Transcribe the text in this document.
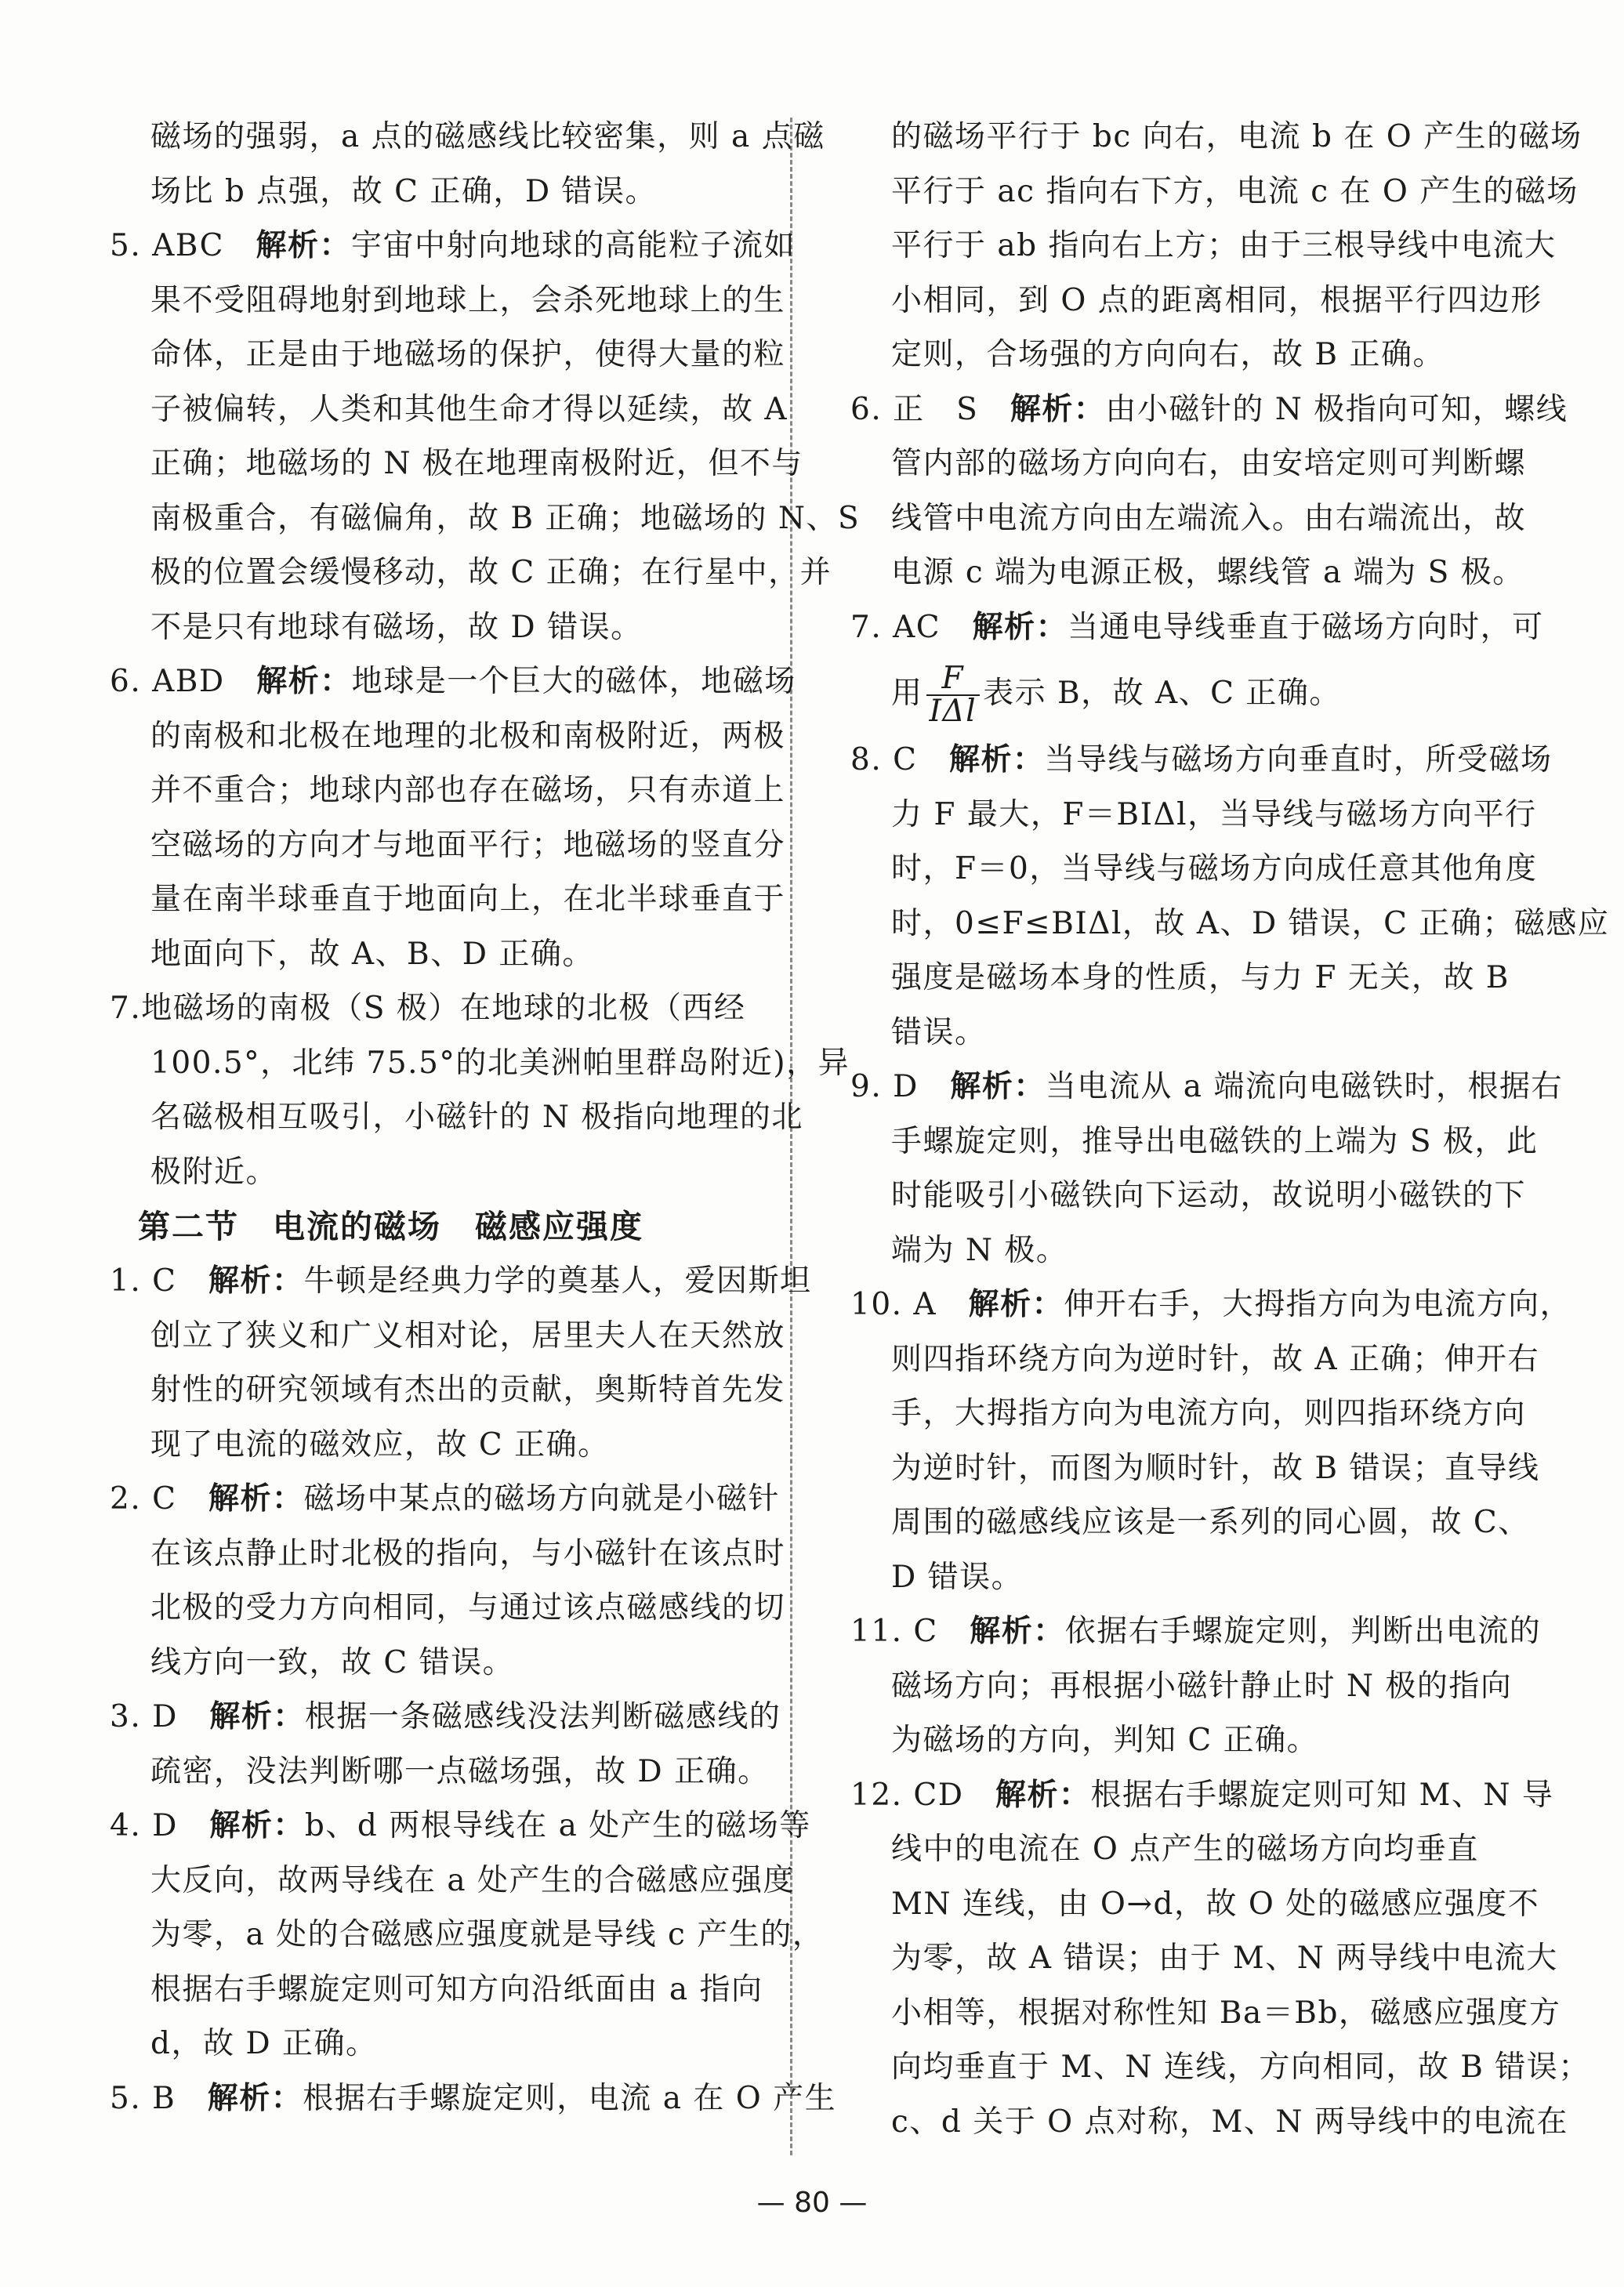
磁场的强弱，a 点的磁感线比较密集，则 a 点磁
场比 b 点强，故 C 正确，D 错误。
5. ABC　解析：宇宙中射向地球的高能粒子流如
果不受阻碍地射到地球上，会杀死地球上的生
命体，正是由于地磁场的保护，使得大量的粒
子被偏转，人类和其他生命才得以延续，故 A
正确；地磁场的 N 极在地理南极附近，但不与
南极重合，有磁偏角，故 B 正确；地磁场的 N、S
极的位置会缓慢移动，故 C 正确；在行星中，并
不是只有地球有磁场，故 D 错误。
6. ABD　解析：地球是一个巨大的磁体，地磁场
的南极和北极在地理的北极和南极附近，两极
并不重合；地球内部也存在磁场，只有赤道上
空磁场的方向才与地面平行；地磁场的竖直分
量在南半球垂直于地面向上，在北半球垂直于
地面向下，故 A、B、D 正确。
7.地磁场的南极（S 极）在地球的北极（西经
100.5°，北纬 75.5°的北美洲帕里群岛附近)，异
名磁极相互吸引，小磁针的 N 极指向地理的北
极附近。
第二节　电流的磁场　磁感应强度
1. C　解析：牛顿是经典力学的奠基人，爱因斯坦
创立了狭义和广义相对论，居里夫人在天然放
射性的研究领域有杰出的贡献，奥斯特首先发
现了电流的磁效应，故 C 正确。
2. C　解析：磁场中某点的磁场方向就是小磁针
在该点静止时北极的指向，与小磁针在该点时
北极的受力方向相同，与通过该点磁感线的切
线方向一致，故 C 错误。
3. D　解析：根据一条磁感线没法判断磁感线的
疏密，没法判断哪一点磁场强，故 D 正确。
4. D　解析：b、d 两根导线在 a 处产生的磁场等
大反向，故两导线在 a 处产生的合磁感应强度
为零，a 处的合磁感应强度就是导线 c 产生的，
根据右手螺旋定则可知方向沿纸面由 a 指向
d，故 D 正确。
5. B　解析：根据右手螺旋定则，电流 a 在 O 产生
的磁场平行于 bc 向右，电流 b 在 O 产生的磁场
平行于 ac 指向右下方，电流 c 在 O 产生的磁场
平行于 ab 指向右上方；由于三根导线中电流大
小相同，到 O 点的距离相同，根据平行四边形
定则，合场强的方向向右，故 B 正确。
6. 正　S　解析：由小磁针的 N 极指向可知，螺线
管内部的磁场方向向右，由安培定则可判断螺
线管中电流方向由左端流入。由右端流出，故
电源 c 端为电源正极，螺线管 a 端为 S 极。
7. AC　解析：当通电导线垂直于磁场方向时，可
用 $\frac{F}{\text{IΔl}}$ 表示 B，故 A、C 正确。
8. C　解析：当导线与磁场方向垂直时，所受磁场
力 F 最大，F＝BIΔl，当导线与磁场方向平行
时，F＝0，当导线与磁场方向成任意其他角度
时，0≤F≤BIΔl，故 A、D 错误，C 正确；磁感应
强度是磁场本身的性质，与力 F 无关，故 B
错误。
9. D　解析：当电流从 a 端流向电磁铁时，根据右
手螺旋定则，推导出电磁铁的上端为 S 极，此
时能吸引小磁铁向下运动，故说明小磁铁的下
端为 N 极。
10. A　解析：伸开右手，大拇指方向为电流方向，
则四指环绕方向为逆时针，故 A 正确；伸开右
手，大拇指方向为电流方向，则四指环绕方向
为逆时针，而图为顺时针，故 B 错误；直导线
周围的磁感线应该是一系列的同心圆，故 C、
D 错误。
11. C　解析：依据右手螺旋定则，判断出电流的
磁场方向；再根据小磁针静止时 N 极的指向
为磁场的方向，判知 C 正确。
12. CD　解析：根据右手螺旋定则可知 M、N 导
线中的电流在 O 点产生的磁场方向均垂直
MN 连线，由 O→d，故 O 处的磁感应强度不
为零，故 A 错误；由于 M、N 两导线中电流大
小相等，根据对称性知 Ba＝Bb，磁感应强度方
向均垂直于 M、N 连线，方向相同，故 B 错误；
c、d 关于 O 点对称，M、N 两导线中的电流在
— 80 —
